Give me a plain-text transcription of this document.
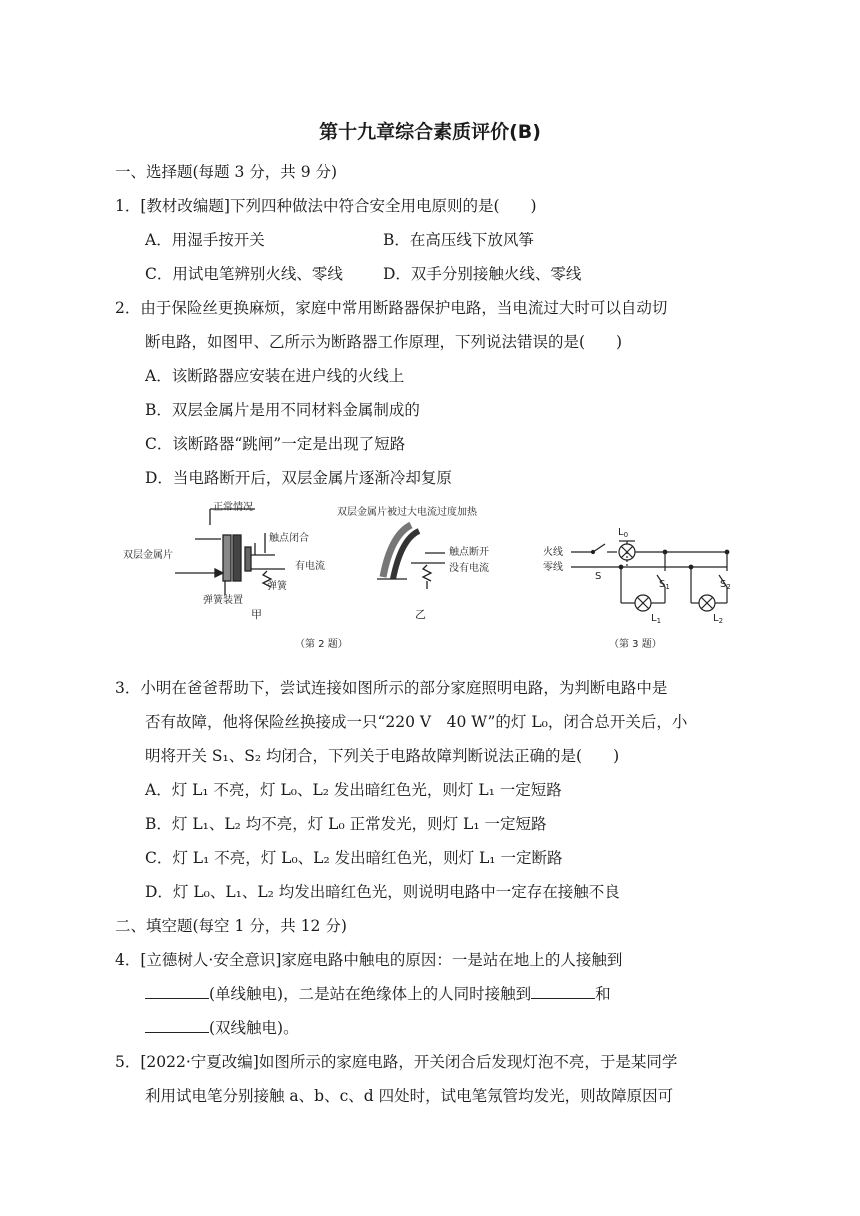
第十九章综合素质评价(B)
一、选择题(每题 3 分，共 9 分)
1．[教材改编题]下列四种做法中符合安全用电原则的是(　　)
A．用湿手按开关	B．在高压线下放风筝
C．用试电笔辨别火线、零线	D．双手分别接触火线、零线
2．由于保险丝更换麻烦，家庭中常用断路器保护电路，当电流过大时可以自动切
断电路，如图甲、乙所示为断路器工作原理，下列说法错误的是(　　)
A．该断路器应安装在进户线的火线上
B．双层金属片是用不同材料金属制成的
C．该断路器“跳闸”一定是出现了短路
D．当电路断开后，双层金属片逐渐冷却复原
正常情况
触点闭合
双层金属片
有电流
弹簧
弹簧装置
甲
双层金属片被过大电流过度加热
触点断开
没有电流
乙
火线
零线
S
$L_0$
$S_1$	$S_2$
$L_1$	$L_2$
（第 2 题）	（第 3 题）
3．小明在爸爸帮助下，尝试连接如图所示的部分家庭照明电路，为判断电路中是
否有故障，他将保险丝换接成一只“220 V　40 W”的灯 L₀，闭合总开关后，小
明将开关 S₁、S₂ 均闭合，下列关于电路故障判断说法正确的是(　　)
A．灯 L₁ 不亮，灯 L₀、L₂ 发出暗红色光，则灯 L₁ 一定短路
B．灯 L₁、L₂ 均不亮，灯 L₀ 正常发光，则灯 L₁ 一定短路
C．灯 L₁ 不亮，灯 L₀、L₂ 发出暗红色光，则灯 L₁ 一定断路
D．灯 L₀、L₁、L₂ 均发出暗红色光，则说明电路中一定存在接触不良
二、填空题(每空 1 分，共 12 分)
4．[立德树人·安全意识]家庭电路中触电的原因：一是站在地上的人接触到
(单线触电)，二是站在绝缘体上的人同时接触到	和
(双线触电)。
5．[2022·宁夏改编]如图所示的家庭电路，开关闭合后发现灯泡不亮，于是某同学
利用试电笔分别接触 a、b、c、d 四处时，试电笔氖管均发光，则故障原因可
